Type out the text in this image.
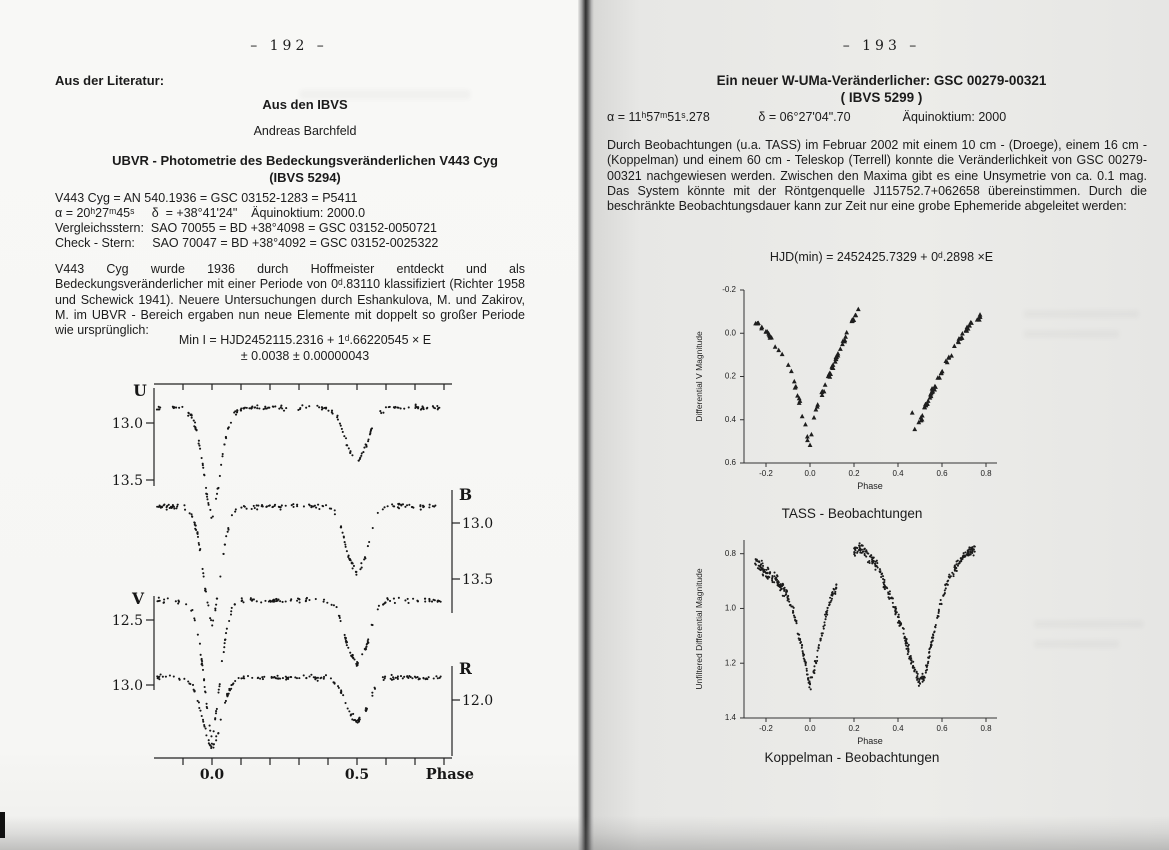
– 192 –
Aus der Literatur:
Aus den IBVS
Andreas Barchfeld
UBVR - Photometrie des Bedeckungsveränderlichen V443 Cyg
(IBVS 5294)
V443 Cyg = AN 540.1936 = GSC 03152-1283 = P5411
α = 20ʰ27ᵐ45ˢ     δ  = +38°41'24"    Äquinoktium: 2000.0
Vergleichsstern:  SAO 70055 = BD +38°4098 = GSC 03152-0050721
Check - Stern:     SAO 70047 = BD +38°4092 = GSC 03152-0025322
V443 Cyg wurde 1936 durch Hoffmeister entdeckt und als Bedeckungsveränderlicher mit einer Periode von 0ᵈ.83110 klassifiziert (Richter 1958 und Schewick 1941). Neuere Untersuchungen durch Eshankulova, M. und Zakirov, M. im UBVR - Bereich ergaben nun neue Elemente mit doppelt so großer Periode wie ursprünglich:
Min I = HJD2452115.2316 + 1ᵈ.66220545 × E
± 0.0038 ± 0.00000043
0.0	0.5	Phase
13.0
13.5
U
13.0
13.5
B
12.5
13.0
V
12.0
R
– 193 –
Ein neuer W-UMa-Veränderlicher: GSC 00279-00321
( IBVS 5299 )
α = 11ʰ57ᵐ51ˢ.278              δ = 06°27'04".70               Äquinoktium: 2000
Durch Beobachtungen (u.a. TASS) im Februar 2002 mit einem 10 cm - (Droege), einem 16 cm - (Koppelman) und einem 60 cm - Teleskop (Terrell) konnte die Veränderlichkeit von GSC 00279-00321 nachgewiesen werden. Zwischen den Maxima gibt es eine Unsymetrie von ca. 0.1 mag. Das System könnte mit der Röntgenquelle J115752.7+062658 übereinstimmen. Durch die beschränkte Beobachtungsdauer kann zur Zeit nur eine grobe Ephemeride abgeleitet werden:
HJD(min) = 2452425.7329 + 0ᵈ.2898 ×E
-0.2
0.0
0.2
0.4
0.6
-0.2	0.0	0.2	0.4	0.6	0.8
Differential V Magnitude
Phase
TASS - Beobachtungen
0.8
1.0
1.2
1.4
-0.2	0.0	0.2	0.4	0.6	0.8
Unfiltered Differential Magnitude
Phase
Koppelman - Beobachtungen
